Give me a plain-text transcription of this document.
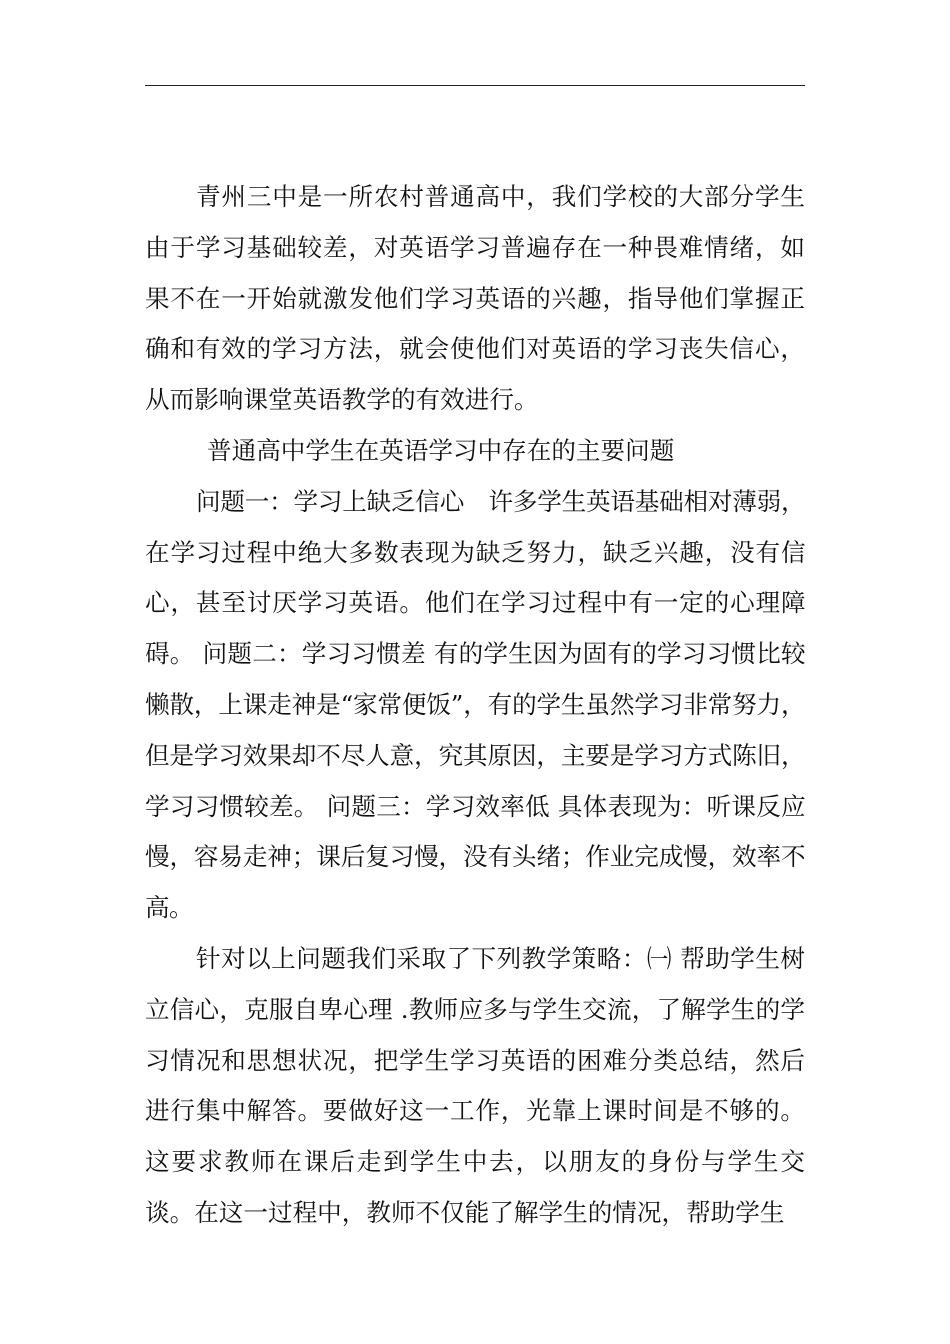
青州三中是一所农村普通高中，我们学校的大部分学生由于学习基础较差，对英语学习普遍存在一种畏难情绪，如果不在一开始就激发他们学习英语的兴趣，指导他们掌握正确和有效的学习方法，就会使他们对英语的学习丧失信心，从而影响课堂英语教学的有效进行。

普通高中学生在英语学习中存在的主要问题

问题一：学习上缺乏信心　许多学生英语基础相对薄弱，在学习过程中绝大多数表现为缺乏努力，缺乏兴趣，没有信心，甚至讨厌学习英语。他们在学习过程中有一定的心理障碍。 问题二：学习习惯差 有的学生因为固有的学习习惯比较懒散，上课走神是“家常便饭”，有的学生虽然学习非常努力，但是学习效果却不尽人意，究其原因，主要是学习方式陈旧，学习习惯较差。 问题三：学习效率低 具体表现为：听课反应慢，容易走神；课后复习慢，没有头绪；作业完成慢，效率不高。

针对以上问题我们采取了下列教学策略：㈠ 帮助学生树立信心，克服自卑心理 .教师应多与学生交流，了解学生的学习情况和思想状况，把学生学习英语的困难分类总结，然后进行集中解答。要做好这一工作，光靠上课时间是不够的。这要求教师在课后走到学生中去，以朋友的身份与学生交谈。在这一过程中，教师不仅能了解学生的情况，帮助学生
